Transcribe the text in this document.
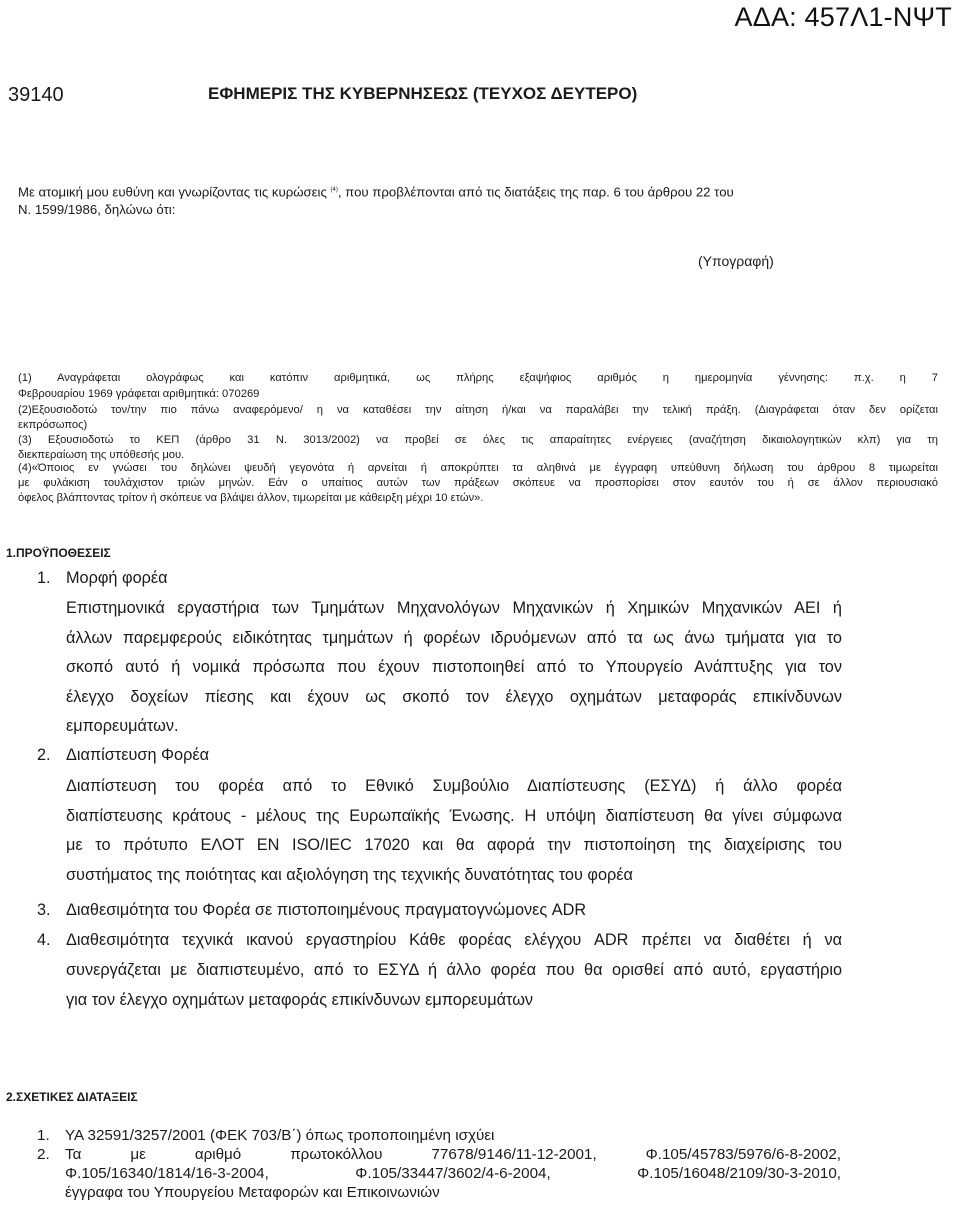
ΑΔΑ: 457Λ1-ΝΨΤ
39140	ΕΦΗΜΕΡΙΣ ΤΗΣ ΚΥΒΕΡΝΗΣΕΩΣ (ΤΕΥΧΟΣ ΔΕΥΤΕΡΟ)
Με ατομική μου ευθύνη και γνωρίζοντας τις κυρώσεις $^{(4)}$, που προβλέπονται από τις διατάξεις της παρ. 6 του άρθρου 22 του
Ν. 1599/1986, δηλώνω ότι:
(Υπογραφή)
(1) Αναγράφεται ολογράφως και κατόπιν αριθμητικά, ως πλήρης εξαψήφιος αριθμός η ημερομηνία γέννησης: π.χ. η 7
Φεβρουαρίου 1969 γράφεται αριθμητικά: 070269
(2)Εξουσιοδοτώ τον/την πιο πάνω αναφερόμενο/ η να καταθέσει την αίτηση ή/και να παραλάβει την τελική πράξη. (Διαγράφεται όταν δεν ορίζεται
εκπρόσωπος)
(3) Εξουσιοδοτώ το ΚΕΠ (άρθρο 31 Ν. 3013/2002) να προβεί σε όλες τις απαραίτητες ενέργειες (αναζήτηση δικαιολογητικών κλπ) για τη
διεκπεραίωση της υπόθεσής μου.
(4)«Όποιος εν γνώσει του δηλώνει ψευδή γεγονότα ή αρνείται ή αποκρύπτει τα αληθινά με έγγραφη υπεύθυνη δήλωση του άρθρου 8 τιμωρείται
με φυλάκιση τουλάχιστον τριών μηνών. Εάν ο υπαίτιος αυτών των πράξεων σκόπευε να προσπορίσει στον εαυτόν του ή σε άλλον περιουσιακό
όφελος βλάπτοντας τρίτον ή σκόπευε να βλάψει άλλον, τιμωρείται με κάθειρξη μέχρι 10 ετών».
1.ΠΡΟΫΠΟΘΕΣΕΙΣ
1. Μορφή φορέα
Επιστημονικά εργαστήρια των Τμημάτων Μηχανολόγων Μηχανικών ή Χημικών Μηχανικών ΑΕΙ ή
άλλων παρεμφερούς ειδικότητας τμημάτων ή φορέων ιδρυόμενων από τα ως άνω τμήματα για το
σκοπό αυτό ή νομικά πρόσωπα που έχουν πιστοποιηθεί από το Υπουργείο Ανάπτυξης για τον
έλεγχο δοχείων πίεσης και έχουν ως σκοπό τον έλεγχο οχημάτων μεταφοράς επικίνδυνων
εμπορευμάτων.
2. Διαπίστευση Φορέα
Διαπίστευση του φορέα από το Εθνικό Συμβούλιο Διαπίστευσης (ΕΣΥΔ) ή άλλο φορέα
διαπίστευσης κράτους - μέλους της Ευρωπαϊκής Ένωσης. Η υπόψη διαπίστευση θα γίνει σύμφωνα
με το πρότυπο ΕΛΟΤ ΕΝ ISO/IEC 17020 και θα αφορά την πιστοποίηση της διαχείρισης του
συστήματος της ποιότητας και αξιολόγηση της τεχνικής δυνατότητας του φορέα
3. Διαθεσιμότητα του Φορέα σε πιστοποιημένους πραγματογνώμονες ADR
4. Διαθεσιμότητα τεχνικά ικανού εργαστηρίου Κάθε φορέας ελέγχου ADR πρέπει να διαθέτει ή να
συνεργάζεται με διαπιστευμένο, από το ΕΣΥΔ ή άλλο φορέα που θα ορισθεί από αυτό, εργαστήριο
για τον έλεγχο οχημάτων μεταφοράς επικίνδυνων εμπορευμάτων
2.ΣΧΕΤΙΚΕΣ ΔΙΑΤΑΞΕΙΣ
1. ΥΑ 32591/3257/2001 (ΦΕΚ 703/Β΄) όπως τροποποιημένη ισχύει
2. Τα με αριθμό πρωτοκόλλου 77678/9146/11-12-2001, Φ.105/45783/5976/6-8-2002,
Φ.105/16340/1814/16-3-2004, Φ.105/33447/3602/4-6-2004, Φ.105/16048/2109/30-3-2010,
έγγραφα του Υπουργείου Μεταφορών και Επικοινωνιών
